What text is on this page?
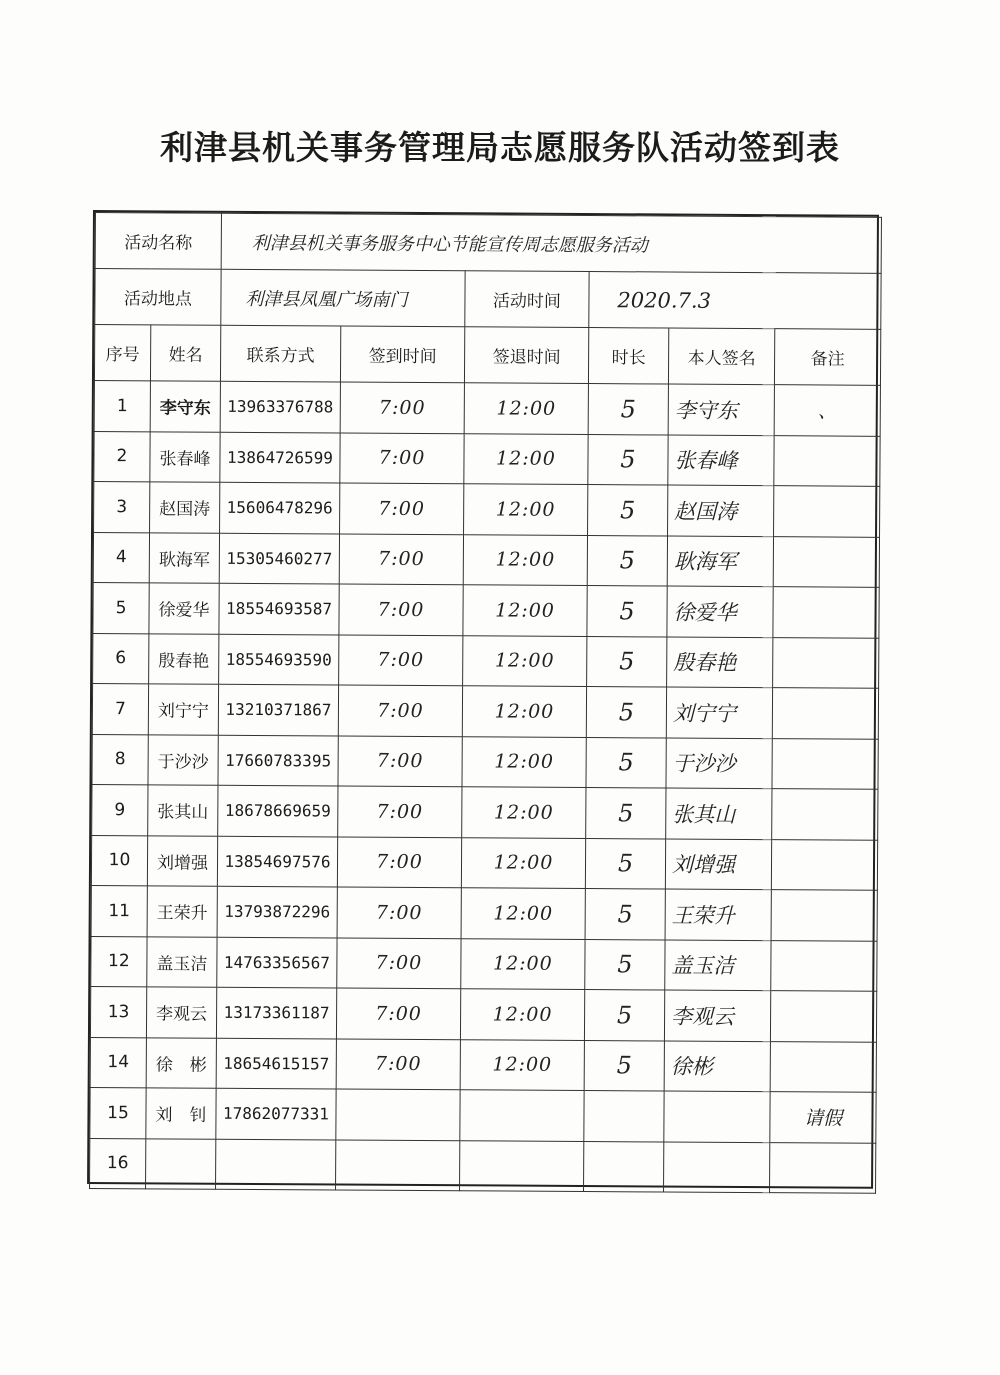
利津县机关事务管理局志愿服务队活动签到表
活动名称		利津县机关事务服务中心节能宣传周志愿服务活动					
活动地点		利津县凤凰广场南门		活动时间	2020.7.3		
序号	姓名	联系方式	签到时间	签退时间	时长	本人签名	备注
1	李守东	13963376788	7:00	12:00	5	李守东	、
2	张春峰	13864726599	7:00	12:00	5	张春峰	
3	赵国涛	15606478296	7:00	12:00	5	赵国涛	
4	耿海军	15305460277	7:00	12:00	5	耿海军	
5	徐爱华	18554693587	7:00	12:00	5	徐爱华	
6	殷春艳	18554693590	7:00	12:00	5	殷春艳	
7	刘宁宁	13210371867	7:00	12:00	5	刘宁宁	
8	于沙沙	17660783395	7:00	12:00	5	于沙沙	
9	张其山	18678669659	7:00	12:00	5	张其山	
10	刘增强	13854697576	7:00	12:00	5	刘增强	
11	王荣升	13793872296	7:00	12:00	5	王荣升	
12	盖玉洁	14763356567	7:00	12:00	5	盖玉洁	
13	李观云	13173361187	7:00	12:00	5	李观云	
14	徐　彬	18654615157	7:00	12:00	5	徐彬	
15	刘　钊	17862077331					请假
16							
